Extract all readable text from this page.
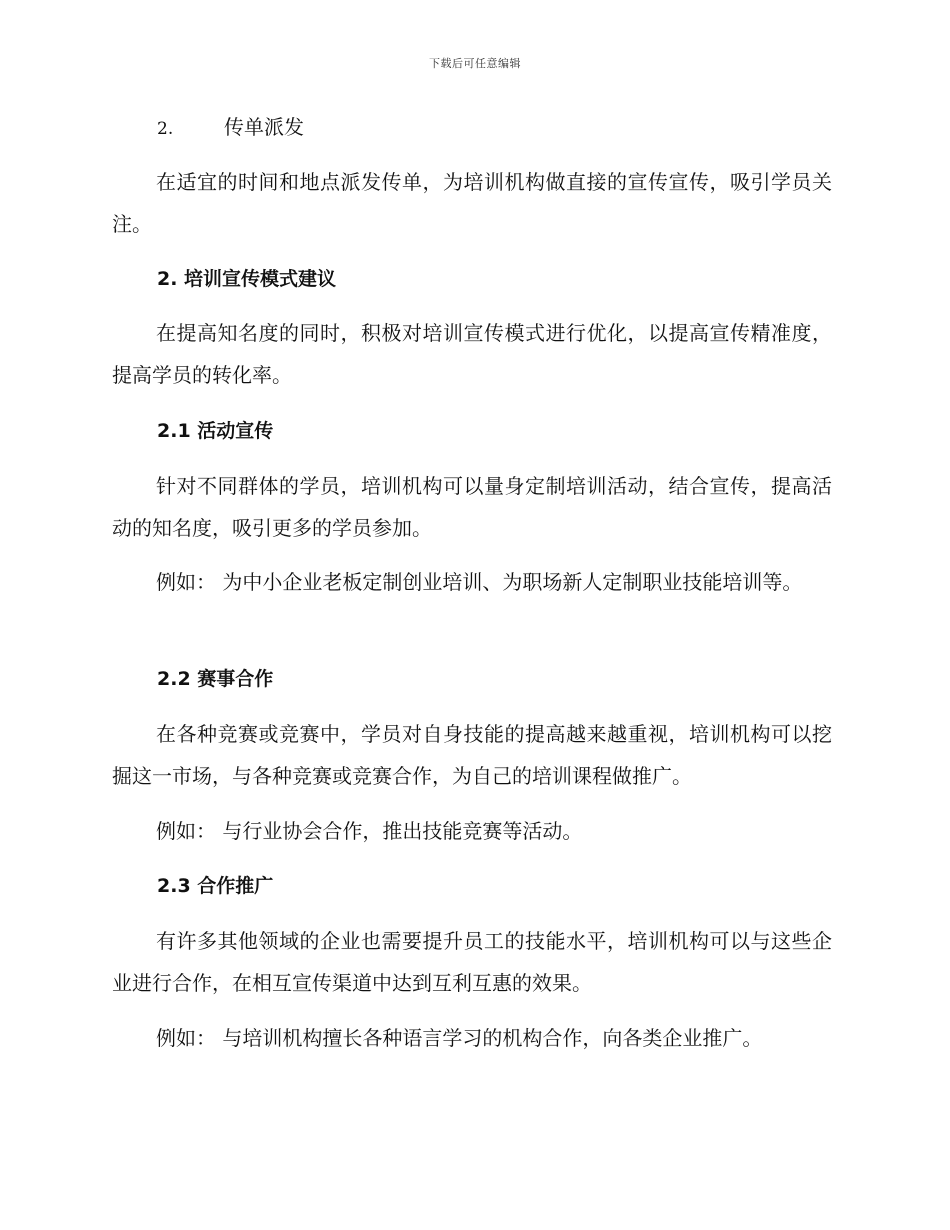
下载后可任意编辑
2.	传单派发
在适宜的时间和地点派发传单，为培训机构做直接的宣传宣传，吸引学员关注。
2. 培训宣传模式建议
在提高知名度的同时，积极对培训宣传模式进行优化，以提高宣传精准度，提高学员的转化率。
2.1 活动宣传
针对不同群体的学员，培训机构可以量身定制培训活动，结合宣传，提高活动的知名度，吸引更多的学员参加。
例如： 为中小企业老板定制创业培训、为职场新人定制职业技能培训等。
2.2 赛事合作
在各种竞赛或竞赛中，学员对自身技能的提高越来越重视，培训机构可以挖掘这一市场，与各种竞赛或竞赛合作，为自己的培训课程做推广。
例如： 与行业协会合作，推出技能竞赛等活动。
2.3 合作推广
有许多其他领域的企业也需要提升员工的技能水平，培训机构可以与这些企业进行合作，在相互宣传渠道中达到互利互惠的效果。
例如： 与培训机构擅长各种语言学习的机构合作，向各类企业推广。
